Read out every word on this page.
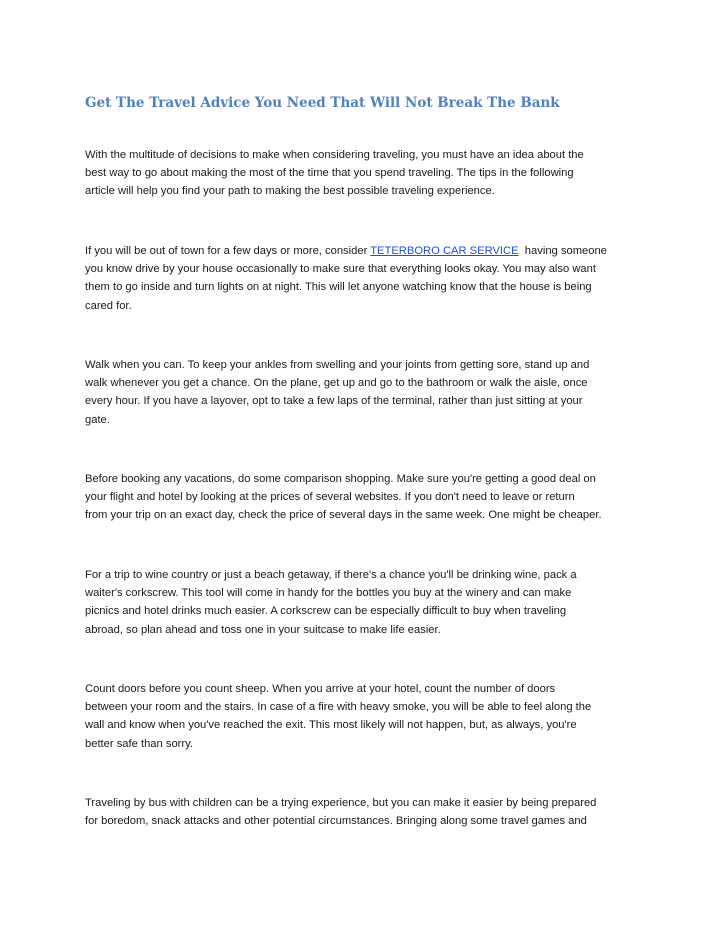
Get The Travel Advice You Need That Will Not Break The Bank

With the multitude of decisions to make when considering traveling, you must have an idea about the
best way to go about making the most of the time that you spend traveling. The tips in the following
article will help you find your path to making the best possible traveling experience.

If you will be out of town for a few days or more, consider TETERBORO CAR SERVICE  having someone
you know drive by your house occasionally to make sure that everything looks okay. You may also want
them to go inside and turn lights on at night. This will let anyone watching know that the house is being
cared for.

Walk when you can. To keep your ankles from swelling and your joints from getting sore, stand up and
walk whenever you get a chance. On the plane, get up and go to the bathroom or walk the aisle, once
every hour. If you have a layover, opt to take a few laps of the terminal, rather than just sitting at your
gate.

Before booking any vacations, do some comparison shopping. Make sure you're getting a good deal on
your flight and hotel by looking at the prices of several websites. If you don't need to leave or return
from your trip on an exact day, check the price of several days in the same week. One might be cheaper.

For a trip to wine country or just a beach getaway, if there's a chance you'll be drinking wine, pack a
waiter's corkscrew. This tool will come in handy for the bottles you buy at the winery and can make
picnics and hotel drinks much easier. A corkscrew can be especially difficult to buy when traveling
abroad, so plan ahead and toss one in your suitcase to make life easier.

Count doors before you count sheep. When you arrive at your hotel, count the number of doors
between your room and the stairs. In case of a fire with heavy smoke, you will be able to feel along the
wall and know when you've reached the exit. This most likely will not happen, but, as always, you're
better safe than sorry.

Traveling by bus with children can be a trying experience, but you can make it easier by being prepared
for boredom, snack attacks and other potential circumstances. Bringing along some travel games and
